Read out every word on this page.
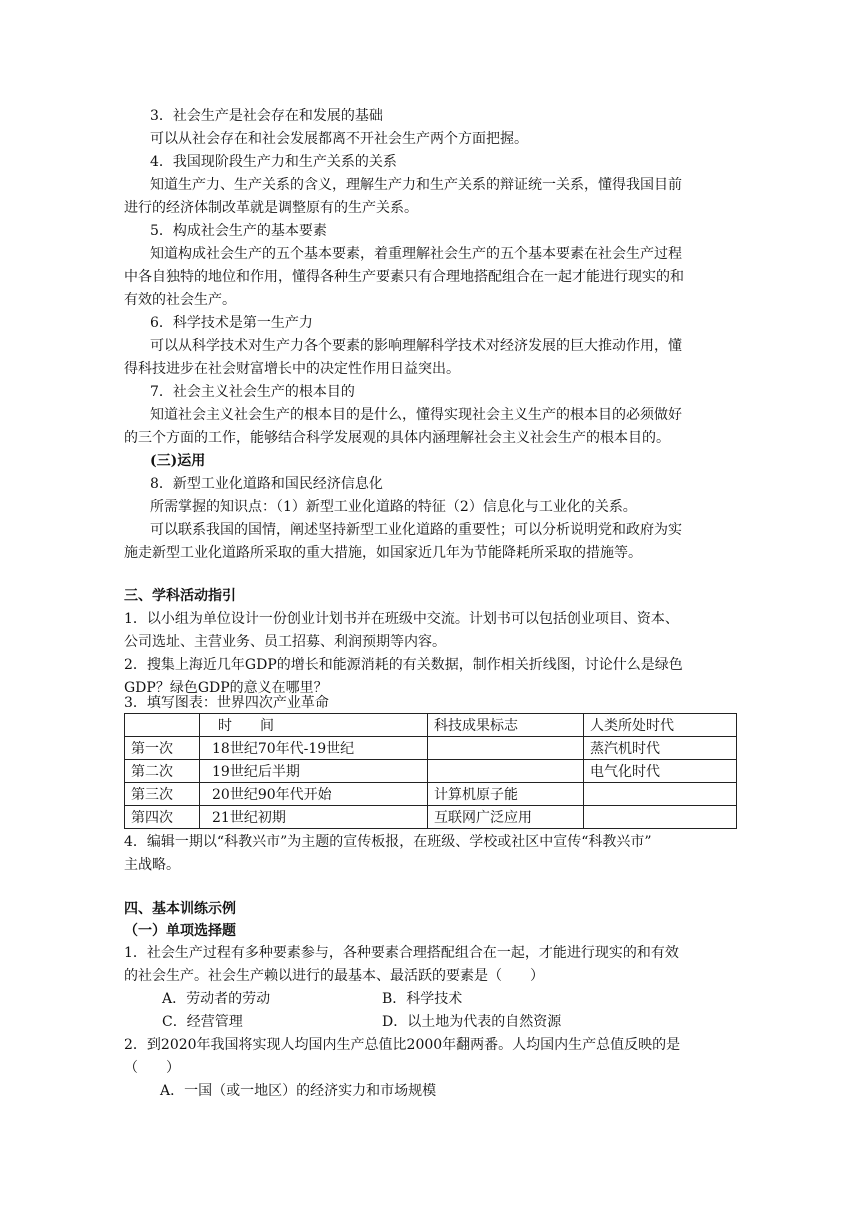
3．社会生产是社会存在和发展的基础
可以从社会存在和社会发展都离不开社会生产两个方面把握。
4．我国现阶段生产力和生产关系的关系
知道生产力、生产关系的含义，理解生产力和生产关系的辩证统一关系，懂得我国目前
进行的经济体制改革就是调整原有的生产关系。
5．构成社会生产的基本要素
知道构成社会生产的五个基本要素，着重理解社会生产的五个基本要素在社会生产过程
中各自独特的地位和作用，懂得各种生产要素只有合理地搭配组合在一起才能进行现实的和
有效的社会生产。
6．科学技术是第一生产力
可以从科学技术对生产力各个要素的影响理解科学技术对经济发展的巨大推动作用，懂
得科技进步在社会财富增长中的决定性作用日益突出。
7．社会主义社会生产的根本目的
知道社会主义社会生产的根本目的是什么，懂得实现社会主义生产的根本目的必须做好
的三个方面的工作，能够结合科学发展观的具体内涵理解社会主义社会生产的根本目的。
(三)运用
8．新型工业化道路和国民经济信息化
所需掌握的知识点：（1）新型工业化道路的特征（2）信息化与工业化的关系。
可以联系我国的国情，阐述坚持新型工业化道路的重要性；可以分析说明党和政府为实
施走新型工业化道路所采取的重大措施，如国家近几年为节能降耗所采取的措施等。
三、学科活动指引
1．以小组为单位设计一份创业计划书并在班级中交流。计划书可以包括创业项目、资本、
公司选址、主营业务、员工招募、利润预期等内容。
2．搜集上海近几年GDP的增长和能源消耗的有关数据，制作相关折线图，讨论什么是绿色
GDP？绿色GDP的意义在哪里？
3．填写图表：世界四次产业革命
	时　　间	科技成果标志	人类所处时代
第一次	18世纪70年代-19世纪		蒸汽机时代
第二次	19世纪后半期		电气化时代
第三次	20世纪90年代开始	计算机原子能	
第四次	21世纪初期	互联网广泛应用	
4．编辑一期以“科教兴市”为主题的宣传板报，在班级、学校或社区中宣传“科教兴市”
主战略。
四、基本训练示例
（一）单项选择题
1．社会生产过程有多种要素参与，各种要素合理搭配组合在一起，才能进行现实的和有效
的社会生产。社会生产赖以进行的最基本、最活跃的要素是（　　）
A．劳动者的劳动	B．科学技术
C．经营管理	D．以土地为代表的自然资源
2．到2020年我国将实现人均国内生产总值比2000年翻两番。人均国内生产总值反映的是
（　　）
A．一国（或一地区）的经济实力和市场规模
